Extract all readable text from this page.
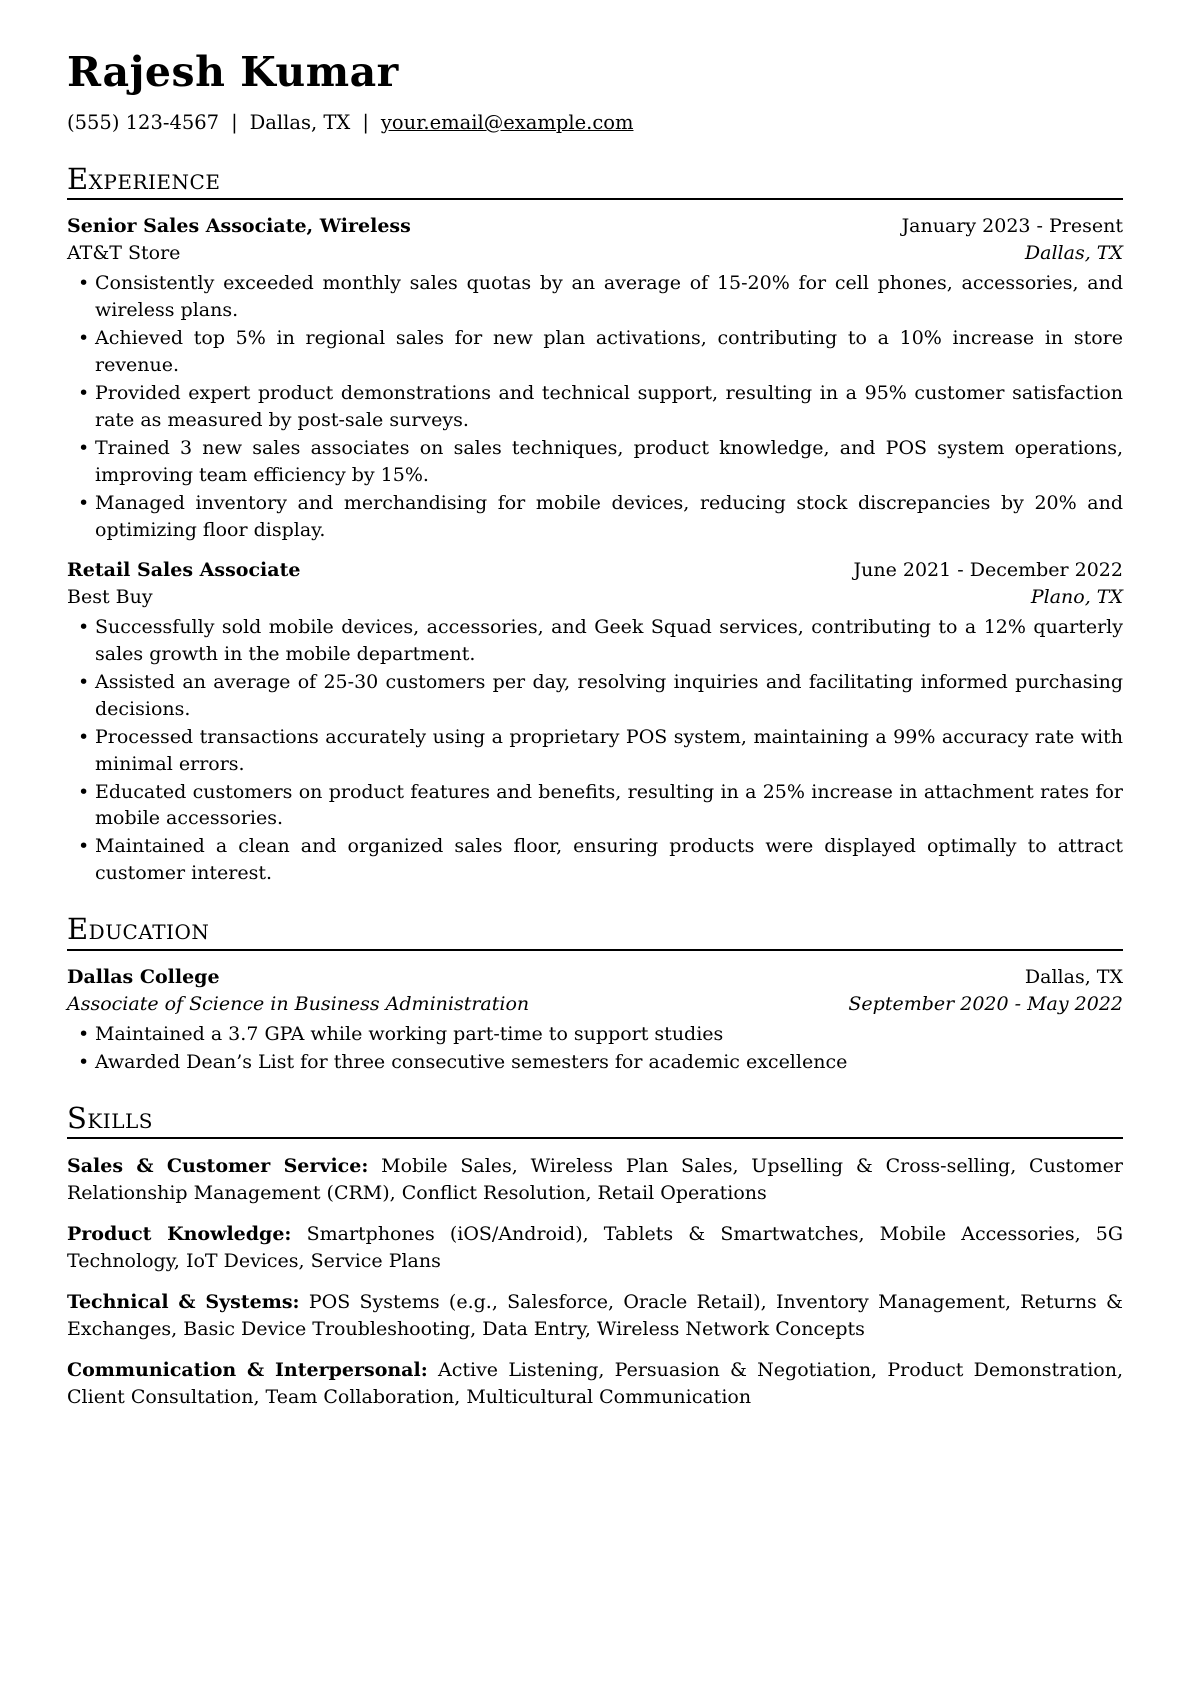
Rajesh Kumar
(555) 123-4567 | Dallas, TX | your.email@example.com
Experience
Senior Sales Associate, Wireless	January 2023 - Present
AT&T Store	Dallas, TX
• Consistently exceeded monthly sales quotas by an average of 15-20% for cell phones, accessories, and wireless plans.
• Achieved top 5% in regional sales for new plan activations, contributing to a 10% increase in store revenue.
• Provided expert product demonstrations and technical support, resulting in a 95% customer satisfaction rate as measured by post-sale surveys.
• Trained 3 new sales associates on sales techniques, product knowledge, and POS system operations, improving team efficiency by 15%.
• Managed inventory and merchandising for mobile devices, reducing stock discrepancies by 20% and optimizing floor display.
Retail Sales Associate	June 2021 - December 2022
Best Buy	Plano, TX
• Successfully sold mobile devices, accessories, and Geek Squad services, contributing to a 12% quarterly sales growth in the mobile department.
• Assisted an average of 25-30 customers per day, resolving inquiries and facilitating informed purchasing decisions.
• Processed transactions accurately using a proprietary POS system, maintaining a 99% accuracy rate with minimal errors.
• Educated customers on product features and benefits, resulting in a 25% increase in attachment rates for mobile accessories.
• Maintained a clean and organized sales floor, ensuring products were displayed optimally to attract customer interest.
Education
Dallas College	Dallas, TX
Associate of Science in Business Administration	September 2020 - May 2022
• Maintained a 3.7 GPA while working part-time to support studies
• Awarded Dean’s List for three consecutive semesters for academic excellence
Skills

Sales & Customer Service: Mobile Sales, Wireless Plan Sales, Upselling & Cross-selling, Customer Relationship Management (CRM), Conflict Resolution, Retail Operations

Product Knowledge: Smartphones (iOS/Android), Tablets & Smartwatches, Mobile Accessories, 5G Technology, IoT Devices, Service Plans

Technical & Systems: POS Systems (e.g., Salesforce, Oracle Retail), Inventory Management, Returns & Exchanges, Basic Device Troubleshooting, Data Entry, Wireless Network Concepts

Communication & Interpersonal: Active Listening, Persuasion & Negotiation, Product Demonstration, Client Consultation, Team Collaboration, Multicultural Communication
